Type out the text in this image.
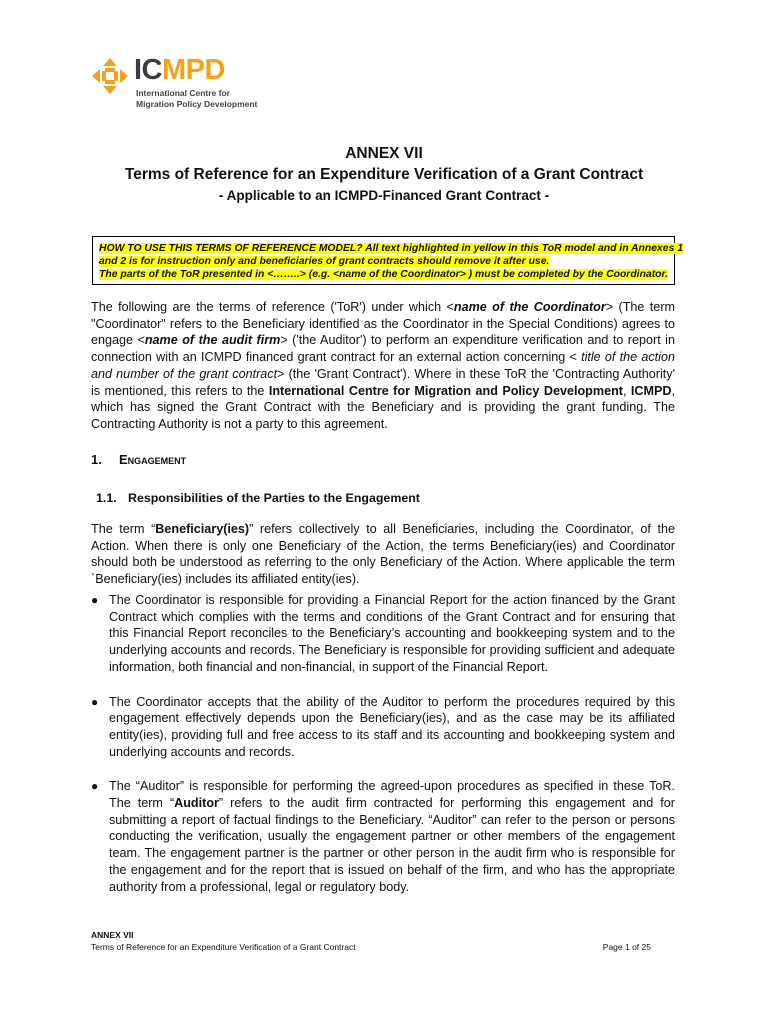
ICMPD
International Centre for
Migration Policy Development
ANNEX VII
Terms of Reference for an Expenditure Verification of a Grant Contract
- Applicable to an ICMPD-Financed Grant Contract -
HOW TO USE THIS TERMS OF REFERENCE MODEL? All text highlighted in yellow in this ToR model and in Annexes 1
and 2 is for instruction only and beneficiaries of grant contracts should remove it after use.
The parts of the ToR presented in <……..> (e.g. <name of the Coordinator> ) must be completed by the Coordinator.
The following are the terms of reference ('ToR') under which <name of the Coordinator> (The term "Coordinator" refers to the Beneficiary identified as the Coordinator in the Special Conditions) agrees to engage <name of the audit firm> ('the Auditor') to perform an expenditure verification and to report in connection with an ICMPD financed grant contract for an external action concerning < title of the action and number of the grant contract> (the 'Grant Contract'). Where in these ToR the 'Contracting Authority' is mentioned, this refers to the International Centre for Migration and Policy Development, ICMPD, which has signed the Grant Contract with the Beneficiary and is providing the grant funding. The Contracting Authority is not a party to this agreement.
1. Engagement
1.1. Responsibilities of the Parties to the Engagement
The term “Beneficiary(ies)” refers collectively to all Beneficiaries, including the Coordinator, of the Action. When there is only one Beneficiary of the Action, the terms Beneficiary(ies) and Coordinator should both be understood as referring to the only Beneficiary of the Action. Where applicable the term `Beneficiary(ies) includes its affiliated entity(ies).
● The Coordinator is responsible for providing a Financial Report for the action financed by the Grant Contract which complies with the terms and conditions of the Grant Contract and for ensuring that this Financial Report reconciles to the Beneficiary’s accounting and bookkeeping system and to the underlying accounts and records. The Beneficiary is responsible for providing sufficient and adequate information, both financial and non-financial, in support of the Financial Report.
● The Coordinator accepts that the ability of the Auditor to perform the procedures required by this engagement effectively depends upon the Beneficiary(ies), and as the case may be its affiliated entity(ies), providing full and free access to its staff and its accounting and bookkeeping system and underlying accounts and records.
● The “Auditor” is responsible for performing the agreed-upon procedures as specified in these ToR. The term “Auditor” refers to the audit firm contracted for performing this engagement and for submitting a report of factual findings to the Beneficiary. “Auditor” can refer to the person or persons conducting the verification, usually the engagement partner or other members of the engagement team. The engagement partner is the partner or other person in the audit firm who is responsible for the engagement and for the report that is issued on behalf of the firm, and who has the appropriate authority from a professional, legal or regulatory body.
ANNEX VII
Terms of Reference for an Expenditure Verification of a Grant Contract	Page 1 of 25
